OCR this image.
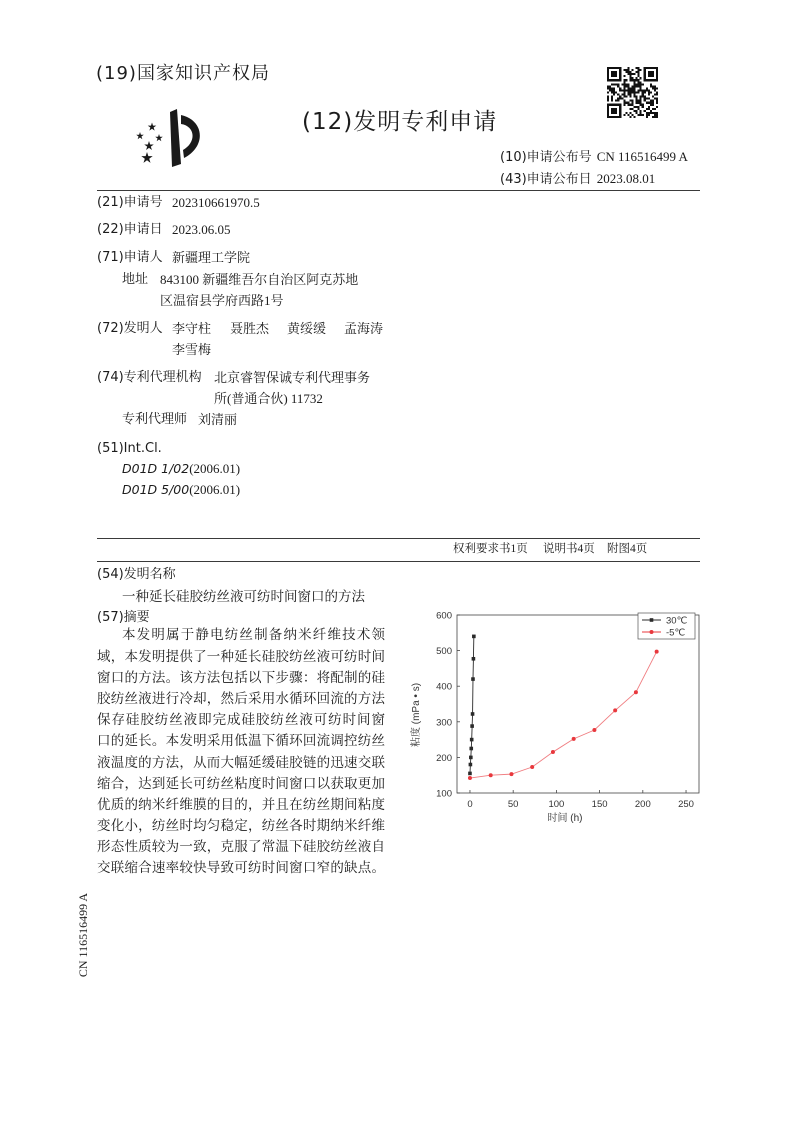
(19)国家知识产权局
(12)发明专利申请
(10)申请公布号 CN 116516499 A
(43)申请公布日 2023.08.01
(21)申请号 202310661970.5
(22)申请日 2023.06.05
(71)申请人 新疆理工学院
地址 843100 新疆维吾尔自治区阿克苏地
区温宿县学府西路1号
(72)发明人 李守柱 聂胜杰 黄绥缓 孟海涛
李雪梅
(74)专利代理机构 北京睿智保诚专利代理事务
所(普通合伙) 11732
专利代理师 刘清丽
(51)Int.Cl.
D01D 1/02(2006.01)
D01D 5/00(2006.01)
权利要求书1页 说明书4页 附图4页
(54)发明名称
一种延长硅胶纺丝液可纺时间窗口的方法
(57)摘要
本发明属于静电纺丝制备纳米纤维技术领
域，本发明提供了一种延长硅胶纺丝液可纺时间
窗口的方法。该方法包括以下步骤：将配制的硅
胶纺丝液进行冷却，然后采用水循环回流的方法
保存硅胶纺丝液即完成硅胶纺丝液可纺时间窗
口的延长。本发明采用低温下循环回流调控纺丝
液温度的方法，从而大幅延缓硅胶链的迅速交联
缩合，达到延长可纺丝粘度时间窗口以获取更加
优质的纳米纤维膜的目的，并且在纺丝期间粘度
变化小，纺丝时均匀稳定，纺丝各时期纳米纤维
形态性质较为一致，克服了常温下硅胶纺丝液自
交联缩合速率较快导致可纺时间窗口窄的缺点。
0	50	100	150	200	250
100
200
300
400
500
600
时间 (h)
粘度 (mPa • s)
30℃
-5℃
CN 116516499 A
